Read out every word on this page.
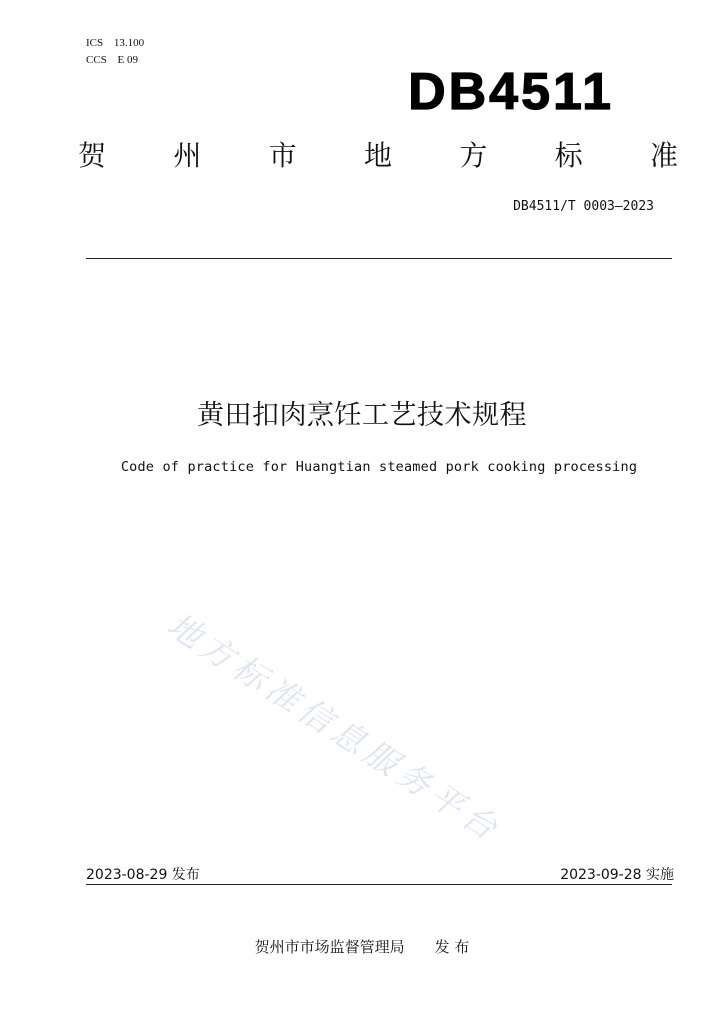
ICS 13.100
CCS E 09
DB4511
贺 州 市 地 方 标 准
DB4511/T 0003—2023
黄田扣肉烹饪工艺技术规程
Code of practice for Huangtian steamed pork cooking processing
地方标准信息服务平台
2023-08-29 发布	2023-09-28 实施
贺州市市场监督管理局 发 布
